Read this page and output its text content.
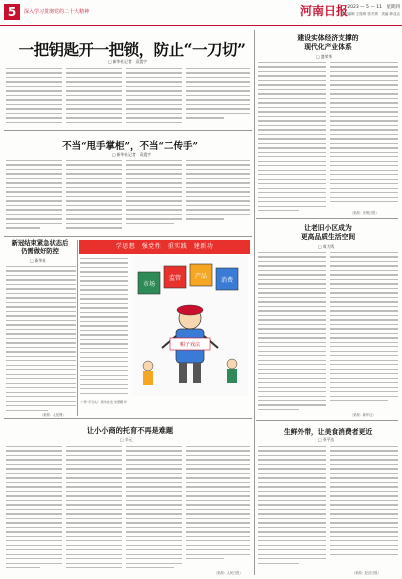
5	深入学习贯彻党的二十大精神	河南日报 2023 — 5 — 11　星期四
本版编辑 王瑞琪 张冬婧　美编 韩亚洁
一把钥匙开一把锁，防止“一刀切”
□ 新华社记者　袁震宇
不当“甩手掌柜”，不当“二传手”
□ 新华社记者　袁震宇
学思想　强党性　重实践　建新功
新冠结束紧急状态后
仍需做好防控
□ 新华社
市场
监管 产品
消费
帽子戏法
《“用”字当头》 新华社发 朱慧卿 作
让小小商的托育不再是难题
□ 辛元
（来源：人民日报）
建设实体经济支撑的
现代化产业体系
□ 盛荣华
（来源：光明日报）
让老旧小区成为
更高品质生活空间
□ 周大鸣
（来源：新华社）
生鲜外带，让美食消费者更近
□ 亚平达
（来源：经济日报）
（来源：人民网）
